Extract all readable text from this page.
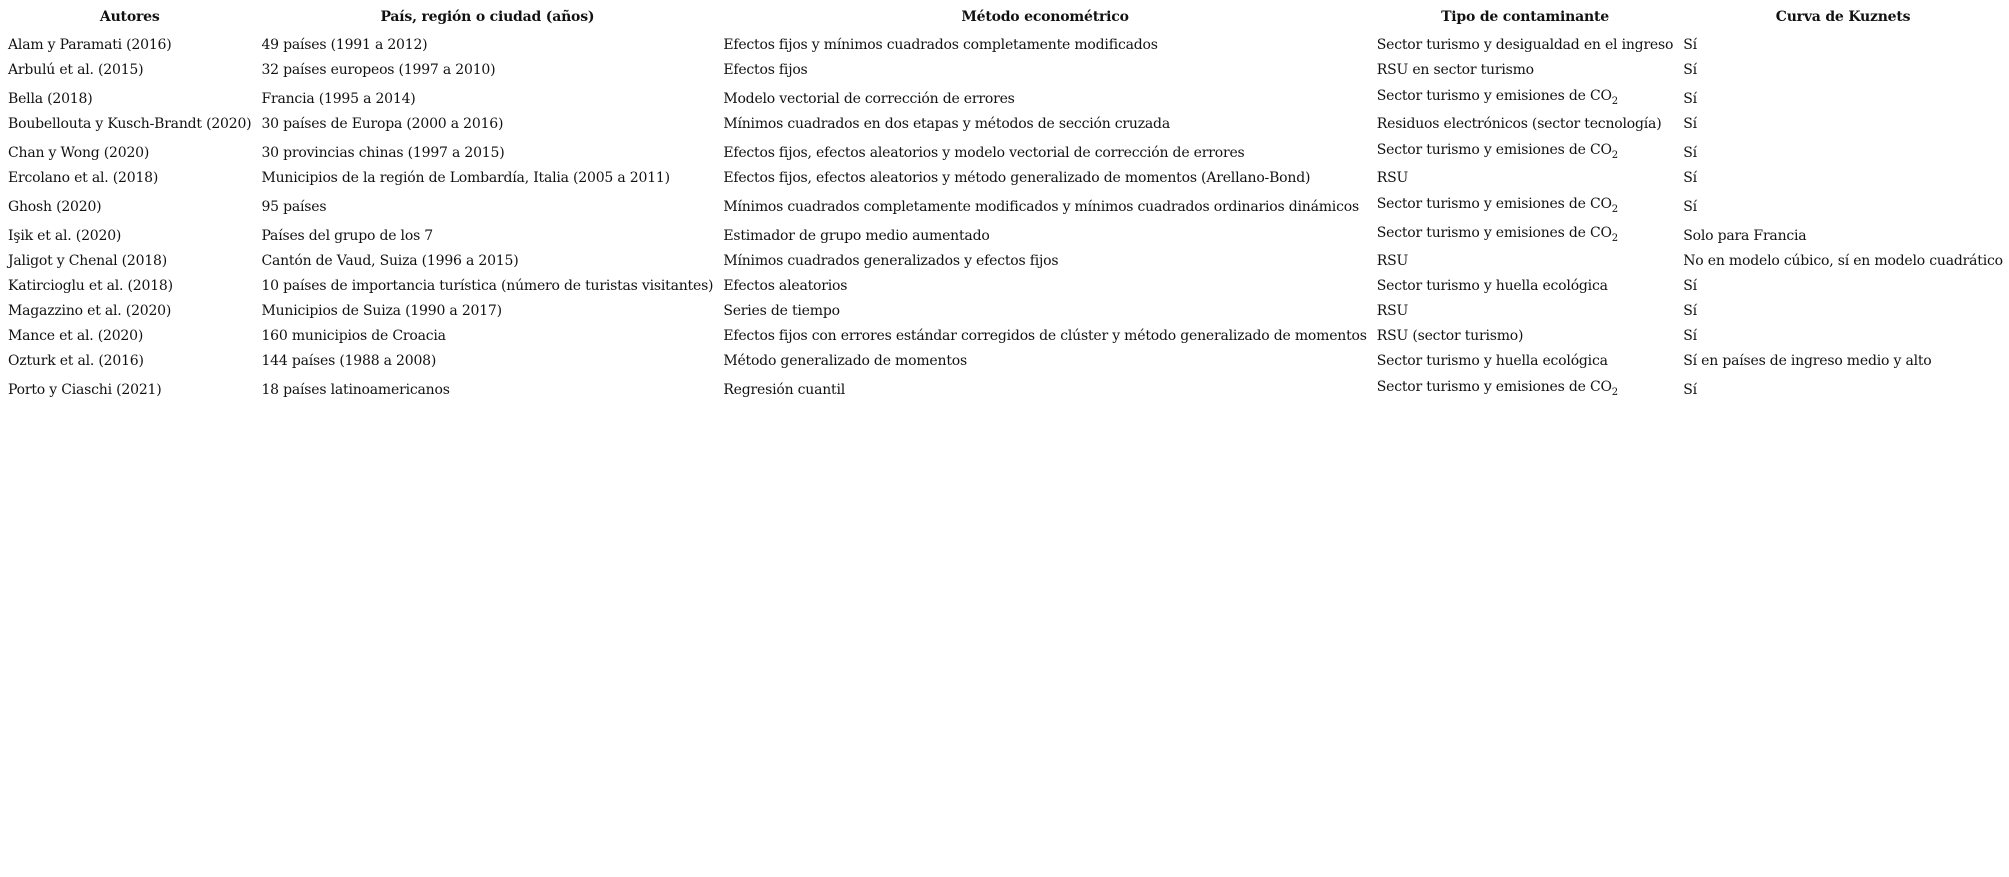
Autores	País, región o ciudad (años)	Método econométrico	Tipo de contaminante	Curva de Kuznets
Alam y Paramati (2016)	49 países (1991 a 2012)	Efectos fijos y mínimos cuadrados completamente modificados	Sector turismo y desigualdad en el ingreso	Sí
Arbulú et al. (2015)	32 países europeos (1997 a 2010)	Efectos fijos	RSU en sector turismo	Sí
Bella (2018)	Francia (1995 a 2014)	Modelo vectorial de corrección de errores	Sector turismo y emisiones de $CO_2$	Sí
Boubellouta y Kusch-Brandt (2020)	30 países de Europa (2000 a 2016)	Mínimos cuadrados en dos etapas y métodos de sección cruzada	Residuos electrónicos (sector tecnología)	Sí
Chan y Wong (2020)	30 provincias chinas (1997 a 2015)	Efectos fijos, efectos aleatorios y modelo vectorial de corrección de errores	Sector turismo y emisiones de $CO_2$	Sí
Ercolano et al. (2018)	Municipios de la región de Lombardía, Italia (2005 a 2011)	Efectos fijos, efectos aleatorios y método generalizado de momentos (Arellano-Bond)	RSU	Sí
Ghosh (2020)	95 países	Mínimos cuadrados completamente modificados y mínimos cuadrados ordinarios dinámicos	Sector turismo y emisiones de $CO_2$	Sí
Işik et al. (2020)	Países del grupo de los 7	Estimador de grupo medio aumentado	Sector turismo y emisiones de $CO_2$	Solo para Francia
Jaligot y Chenal (2018)	Cantón de Vaud, Suiza (1996 a 2015)	Mínimos cuadrados generalizados y efectos fijos	RSU	No en modelo cúbico, sí en modelo cuadrático
Katircioglu et al. (2018)	10 países de importancia turística (número de turistas visitantes)	Efectos aleatorios	Sector turismo y huella ecológica	Sí
Magazzino et al. (2020)	Municipios de Suiza (1990 a 2017)	Series de tiempo	RSU	Sí
Mance et al. (2020)	160 municipios de Croacia	Efectos fijos con errores estándar corregidos de clúster y método generalizado de momentos	RSU (sector turismo)	Sí
Ozturk et al. (2016)	144 países (1988 a 2008)	Método generalizado de momentos	Sector turismo y huella ecológica	Sí en países de ingreso medio y alto
Porto y Ciaschi (2021)	18 países latinoamericanos	Regresión cuantil	Sector turismo y emisiones de $CO_2$	Sí
